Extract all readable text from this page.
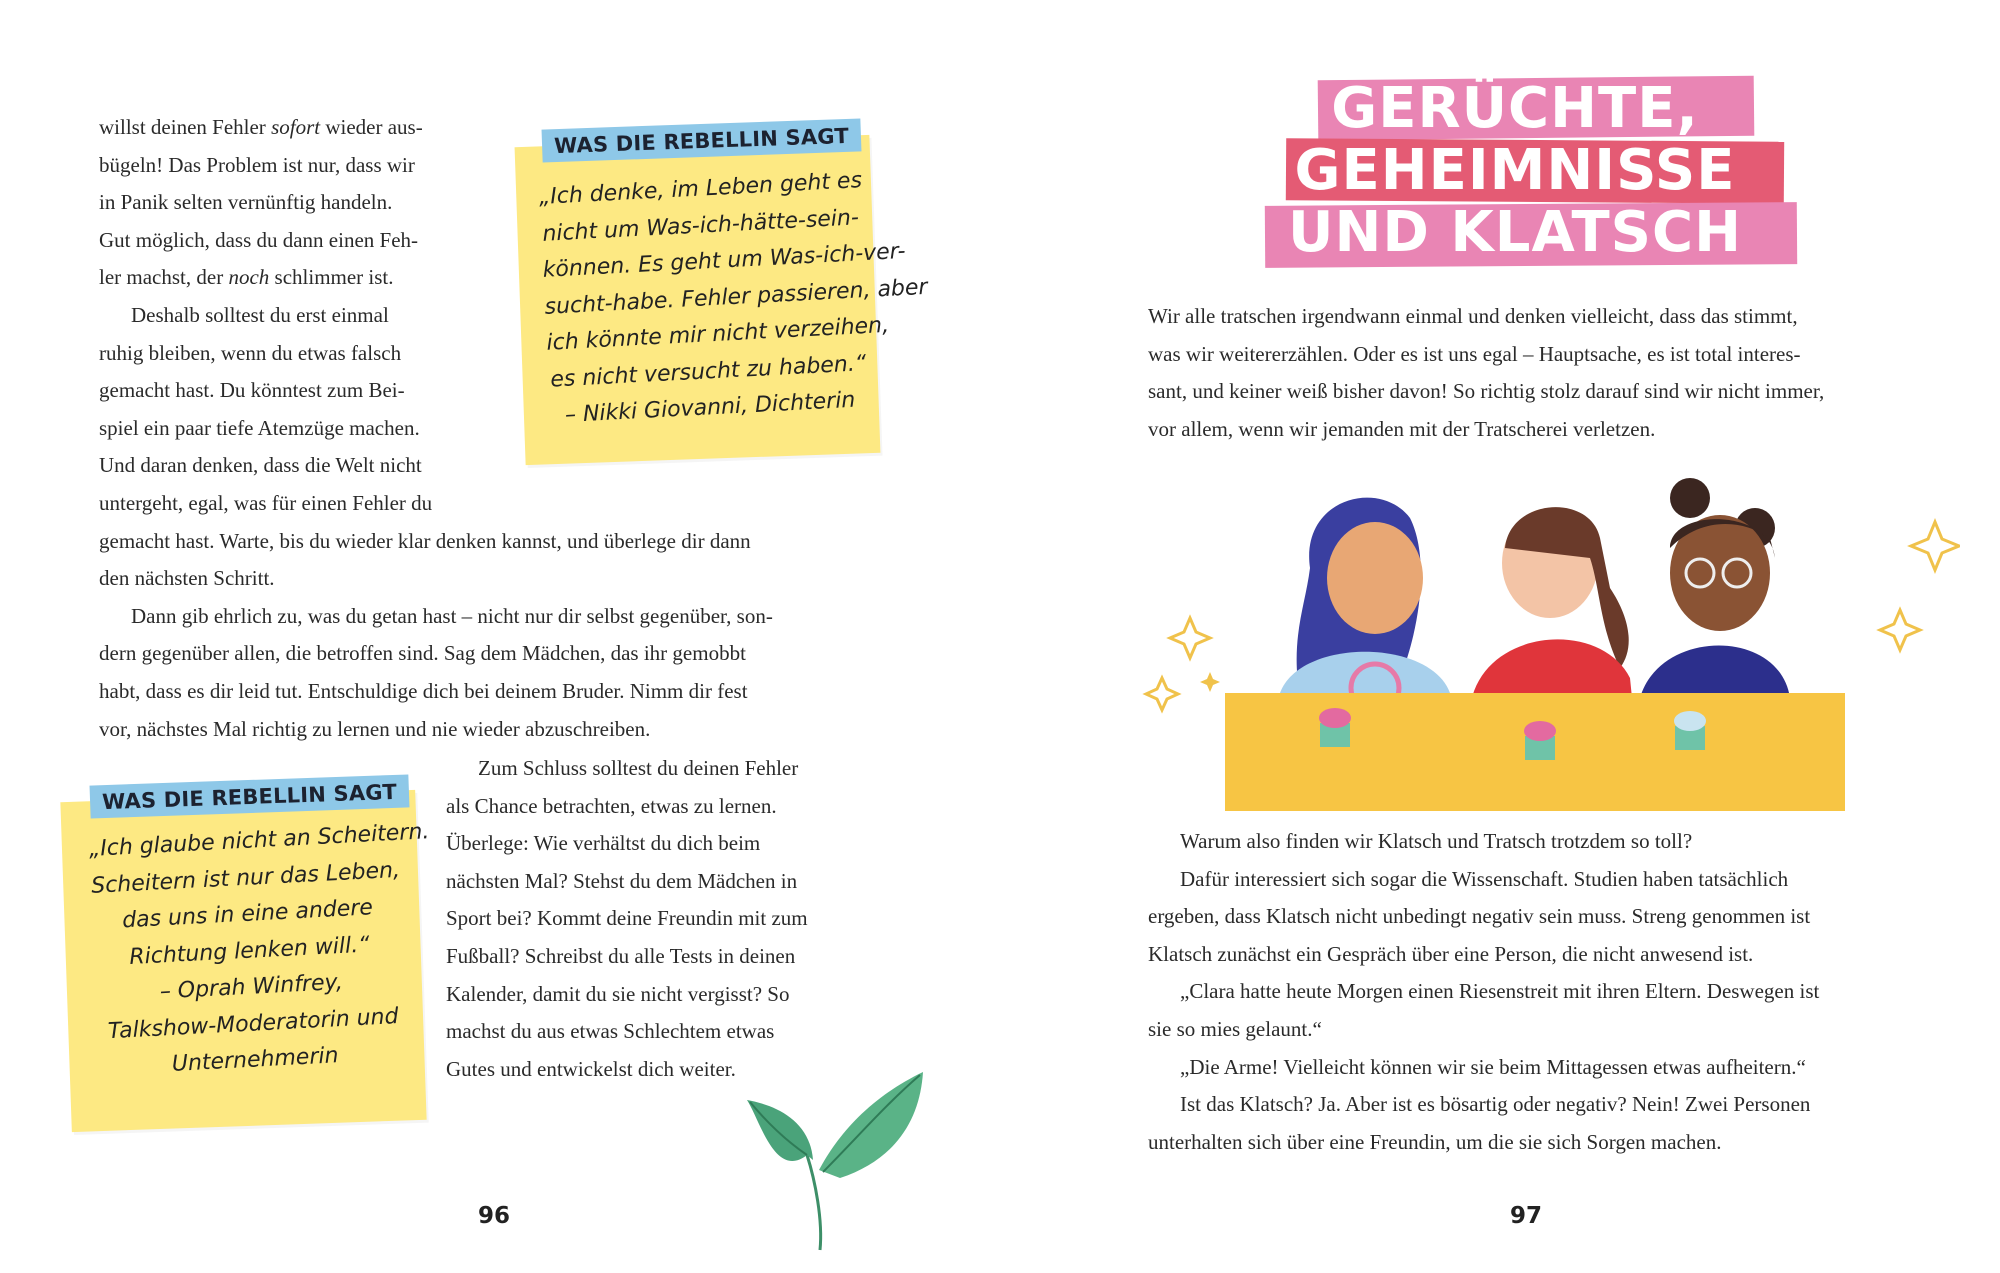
willst deinen Fehler sofort wieder aus-
bügeln! Das Problem ist nur, dass wir
in Panik selten vernünftig handeln.
Gut möglich, dass du dann einen Feh-
ler machst, der noch schlimmer ist.
Deshalb solltest du erst einmal
ruhig bleiben, wenn du etwas falsch
gemacht hast. Du könntest zum Bei-
spiel ein paar tiefe Atemzüge machen.
Und daran denken, dass die Welt nicht
untergeht, egal, was für einen Fehler du
gemacht hast. Warte, bis du wieder klar denken kannst, und überlege dir dann
den nächsten Schritt.
Dann gib ehrlich zu, was du getan hast – nicht nur dir selbst gegenüber, son-
dern gegenüber allen, die betroffen sind. Sag dem Mädchen, das ihr gemobbt
habt, dass es dir leid tut. Entschuldige dich bei deinem Bruder. Nimm dir fest
vor, nächstes Mal richtig zu lernen und nie wieder abzuschreiben.
Zum Schluss solltest du deinen Fehler
als Chance betrachten, etwas zu lernen.
Überlege: Wie verhältst du dich beim
nächsten Mal? Stehst du dem Mädchen in
Sport bei? Kommt deine Freundin mit zum
Fußball? Schreibst du alle Tests in deinen
Kalender, damit du sie nicht vergisst? So
machst du aus etwas Schlechtem etwas
Gutes und entwickelst dich weiter.
WAS DIE REBELLIN SAGT
„Ich denke, im Leben geht es
nicht um Was-ich-hätte-sein-
können. Es geht um Was-ich-ver-
sucht-habe. Fehler passieren, aber
ich könnte mir nicht verzeihen,
es nicht versucht zu haben.“
– Nikki Giovanni, Dichterin
WAS DIE REBELLIN SAGT
„Ich glaube nicht an Scheitern.
Scheitern ist nur das Leben,
das uns in eine andere
Richtung lenken will.“
– Oprah Winfrey,
Talkshow-Moderatorin und
Unternehmerin
96
GERÜCHTE,
GEHEIMNISSE
UND KLATSCH
Wir alle tratschen irgendwann einmal und denken vielleicht, dass das stimmt,
was wir weitererzählen. Oder es ist uns egal – Hauptsache, es ist total interes-
sant, und keiner weiß bisher davon! So richtig stolz darauf sind wir nicht immer,
vor allem, wenn wir jemanden mit der Tratscherei verletzen.
Warum also finden wir Klatsch und Tratsch trotzdem so toll?
Dafür interessiert sich sogar die Wissenschaft. Studien haben tatsächlich
ergeben, dass Klatsch nicht unbedingt negativ sein muss. Streng genommen ist
Klatsch zunächst ein Gespräch über eine Person, die nicht anwesend ist.
„Clara hatte heute Morgen einen Riesenstreit mit ihren Eltern. Deswegen ist
sie so mies gelaunt.“
„Die Arme! Vielleicht können wir sie beim Mittagessen etwas aufheitern.“
Ist das Klatsch? Ja. Aber ist es bösartig oder negativ? Nein! Zwei Personen
unterhalten sich über eine Freundin, um die sie sich Sorgen machen.
97
